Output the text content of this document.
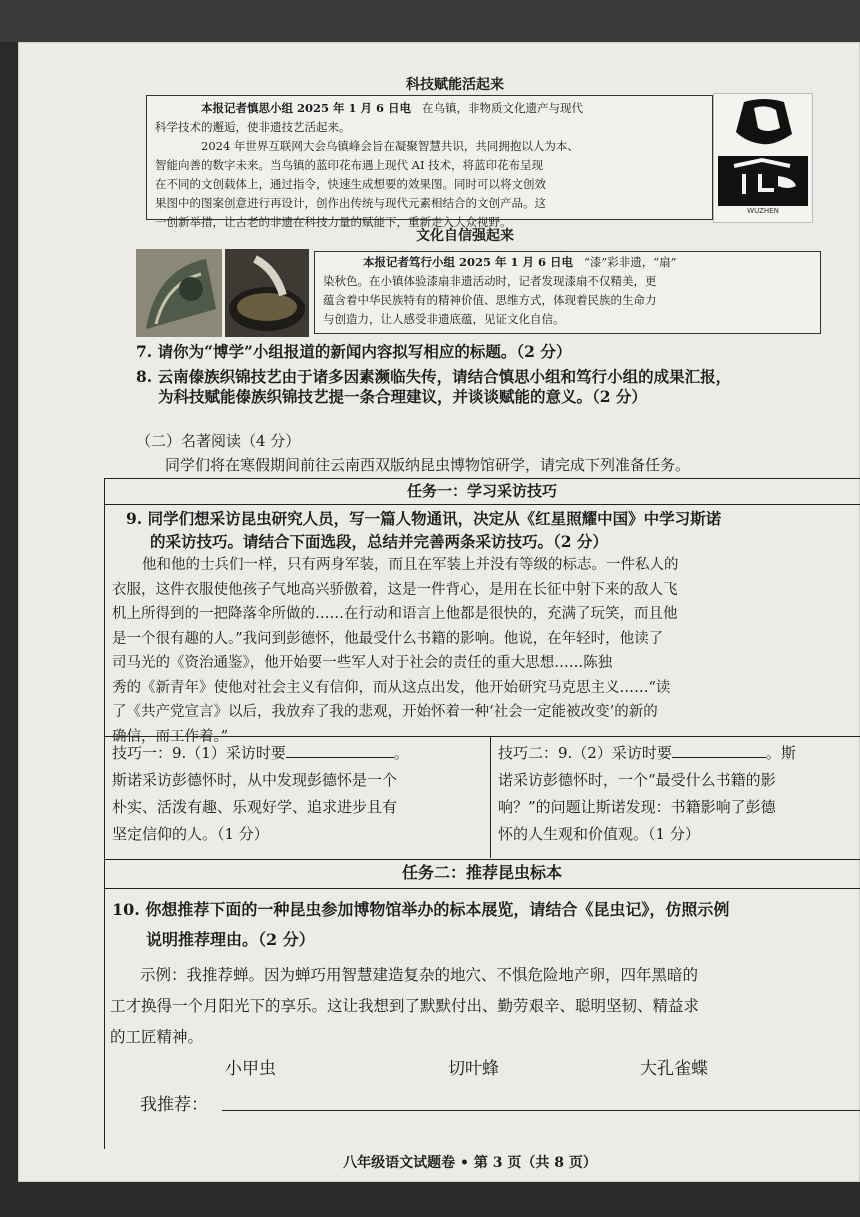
科技赋能活起来
本报记者慎思小组 2025 年 1 月 6 日电 在乌镇，非物质文化遗产与现代
科学技术的邂逅，使非遗技艺活起来。
2024 年世界互联网大会乌镇峰会旨在凝聚智慧共识，共同拥抱以人为本、
智能向善的数字未来。当乌镇的蓝印花布遇上现代 AI 技术，将蓝印花布呈现
在不同的文创载体上，通过指令，快速生成想要的效果图。同时可以将文创效
果图中的图案创意进行再设计，创作出传统与现代元素相结合的文创产品。这
一创新举措，让古老的非遗在科技力量的赋能下，重新走入大众视野。
WUZHEN
文化自信强起来
本报记者笃行小组 2025 年 1 月 6 日电 “漆”彩非遗，“扇”
染秋色。在小镇体验漆扇非遗活动时，记者发现漆扇不仅精美，更
蕴含着中华民族特有的精神价值、思维方式，体现着民族的生命力
与创造力，让人感受非遗底蕴，见证文化自信。
7. 请你为“博学”小组报道的新闻内容拟写相应的标题。（2 分）
8. 云南傣族织锦技艺由于诸多因素濒临失传，请结合慎思小组和笃行小组的成果汇报，
为科技赋能傣族织锦技艺提一条合理建议，并谈谈赋能的意义。（2 分）
（二）名著阅读（4 分）
同学们将在寒假期间前往云南西双版纳昆虫博物馆研学，请完成下列准备任务。
任务一：学习采访技巧
9. 同学们想采访昆虫研究人员，写一篇人物通讯，决定从《红星照耀中国》中学习斯诺
的采访技巧。请结合下面选段，总结并完善两条采访技巧。（2 分）
他和他的士兵们一样，只有两身军装，而且在军装上并没有等级的标志。一件私人的
衣服，这件衣服使他孩子气地高兴骄傲着，这是一件背心，是用在长征中射下来的敌人飞
机上所得到的一把降落伞所做的……在行动和语言上他都是很快的，充满了玩笑，而且他
是一个很有趣的人。”我问到彭德怀，他最受什么书籍的影响。他说，在年轻时，他读了
司马光的《资治通鉴》，他开始要一些军人对于社会的责任的重大思想……陈独
秀的《新青年》使他对社会主义有信仰，而从这点出发，他开始研究马克思主义……“读
了《共产党宣言》以后，我放弃了我的悲观，开始怀着一种‘社会一定能被改变’的新的
确信，而工作着。”
技巧一：9.（1）采访时要	。
斯诺采访彭德怀时，从中发现彭德怀是一个
朴实、活泼有趣、乐观好学、追求进步且有
坚定信仰的人。（1 分）
技巧二：9.（2）采访时要	。斯
诺采访彭德怀时，一个“最受什么书籍的影
响？”的问题让斯诺发现：书籍影响了彭德
怀的人生观和价值观。（1 分）
任务二：推荐昆虫标本
10. 你想推荐下面的一种昆虫参加博物馆举办的标本展览，请结合《昆虫记》，仿照示例
说明推荐理由。（2 分）
示例：我推荐蝉。因为蝉巧用智慧建造复杂的地穴、不惧危险地产卵，四年黑暗的
工才换得一个月阳光下的享乐。这让我想到了默默付出、勤劳艰辛、聪明坚韧、精益求
的工匠精神。
小甲虫	切叶蜂	大孔雀蝶
我推荐：
八年级语文试题卷 • 第 3 页（共 8 页）
